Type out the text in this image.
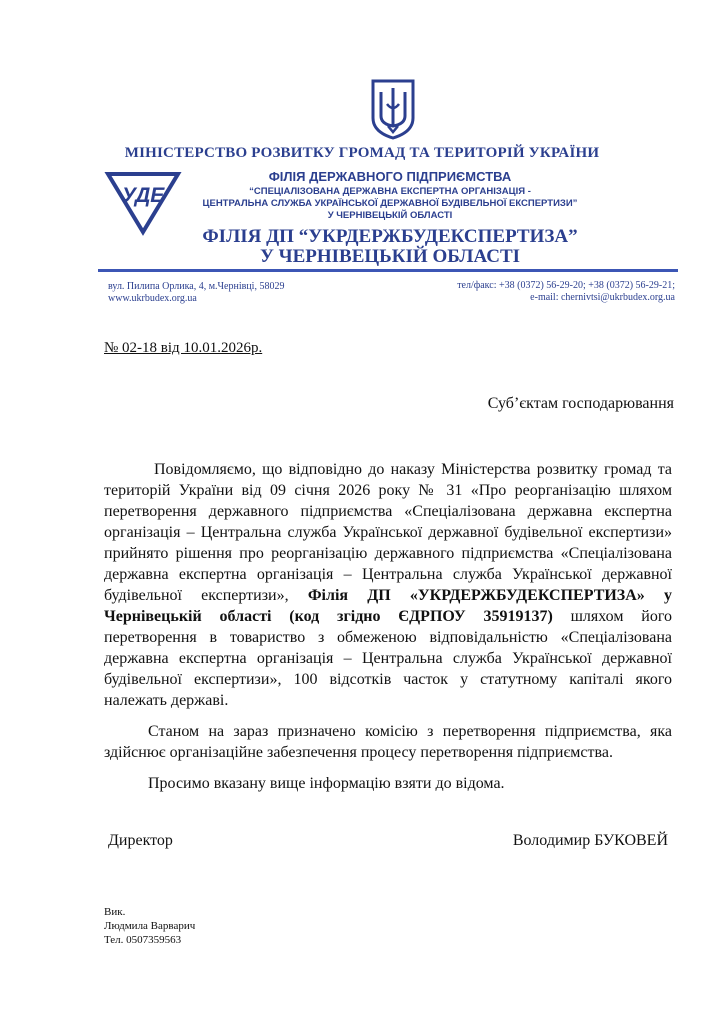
МІНІСТЕРСТВО РОЗВИТКУ ГРОМАД ТА ТЕРИТОРІЙ УКРАЇНИ
УДЕ
ФІЛІЯ ДЕРЖАВНОГО ПІДПРИЄМСТВА
“СПЕЦІАЛІЗОВАНА ДЕРЖАВНА ЕКСПЕРТНА ОРГАНІЗАЦІЯ -
ЦЕНТРАЛЬНА СЛУЖБА УКРАЇНСЬКОЇ ДЕРЖАВНОЇ БУДІВЕЛЬНОЇ ЕКСПЕРТИЗИ”
У ЧЕРНІВЕЦЬКІЙ ОБЛАСТІ
ФІЛІЯ ДП “УКРДЕРЖБУДЕКСПЕРТИЗА”
У ЧЕРНІВЕЦЬКІЙ ОБЛАСТІ
вул. Пилипа Орлика, 4, м.Чернівці, 58029
www.ukrbudex.org.ua
тел/факс: +38 (0372) 56-29-20; +38 (0372) 56-29-21;
e-mail: chernivtsi@ukrbudex.org.ua
№ 02-18 від 10.01.2026р.
Суб’єктам господарювання

Повідомляємо, що відповідно до наказу Міністерства розвитку громад та територій України від 09 січня 2026 року № 31 «Про реорганізацію шляхом перетворення державного підприємства «Спеціалізована державна експертна організація – Центральна служба Української державної будівельної експертизи» прийнято рішення про реорганізацію державного підприємства «Спеціалізована державна експертна організація – Центральна служба Української державної будівельної експертизи», Філія ДП «УКРДЕРЖБУДЕКСПЕРТИЗА» у Чернівецькій області (код згідно ЄДРПОУ 35919137) шляхом його перетворення в товариство з обмеженою відповідальністю «Спеціалізована державна експертна організація – Центральна служба Української державної будівельної експертизи», 100 відсотків часток у статутному капіталі якого належать державі.

Станом на зараз призначено комісію з перетворення підприємства, яка здійснює організаційне забезпечення процесу перетворення підприємства.

Просимо вказану вище інформацію взяти до відома.

Директор	Володимир БУКОВЕЙ
Вик.
Людмила Варварич
Тел. 0507359563
